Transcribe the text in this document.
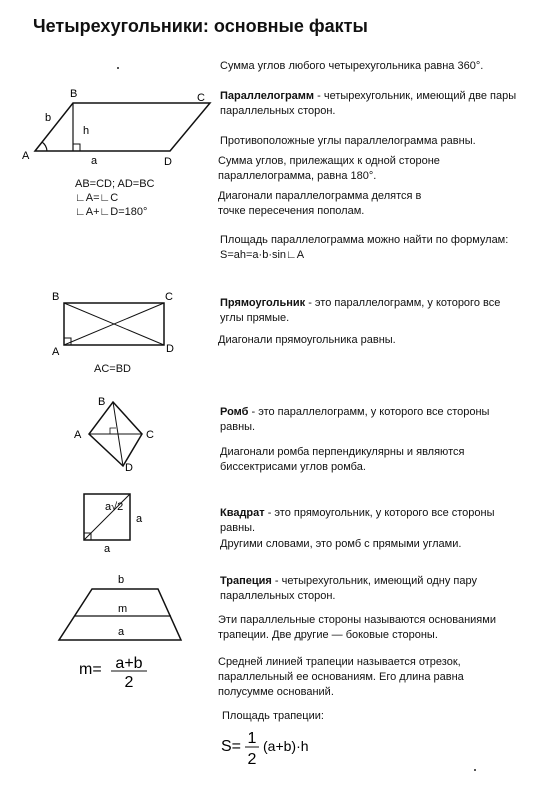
Четырехугольники: основные факты
Сумма углов любого четырехугольника равна 360°.
Параллелограмм - четырехугольник, имеющий две пары параллельных сторон.
Противоположные углы параллелограмма равны.
Сумма углов, прилежащих к одной стороне параллелограмма, равна 180°.
Диагонали параллелограмма делятся в точке пересечения пополам.
Площадь параллелограмма можно найти по формулам: S=ah=a·b·sin∟A
B	C
A	D
b
h
a
AB=CD; AD=BC
∟A=∟C
∟A+∟D=180°
Прямоугольник - это параллелограмм, у которого все углы прямые.
Диагонали прямоугольника равны.
B	C
A	D
AC=BD
Ромб - это параллелограмм, у которого все стороны равны.
Диагонали ромба перпендикулярны и являются биссектрисами углов ромба.
B
C
A
D
Квадрат - это прямоугольник, у которого все стороны равны.
Другими словами, это ромб с прямыми углами.
a√2
a
a
Трапеция - четырехугольник, имеющий одну пару параллельных сторон.
Эти параллельные стороны называются основаниями трапеции. Две другие — боковые стороны.
Средней линией трапеции называется отрезок, параллельный ее основаниям. Его длина равна полусумме оснований.
Площадь трапеции:
b
m
a
m= a+b
2
S= 1
2
(a+b)·h
